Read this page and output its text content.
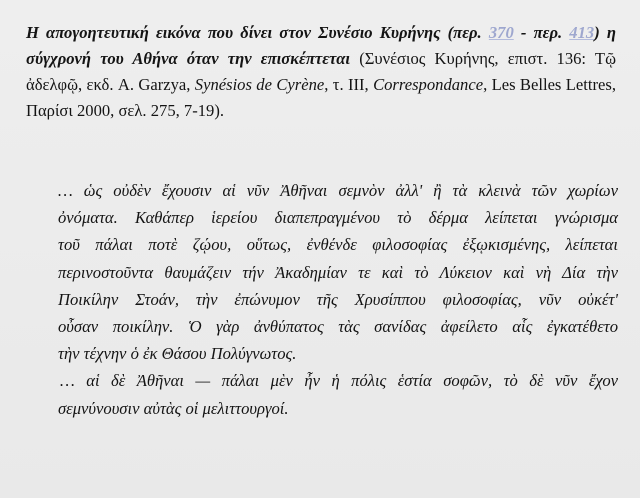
Η απογοητευτική εικόνα που δίνει στον Συνέσιο Κυρήνης (περ. 370 - περ. 413) η σύγχρονή του Αθήνα όταν την επισκέπτεται (Συνέσιος Κυρήνης, επιστ. 136: Τῷ ἀδελφῷ, εκδ. A. Garzya, Synésios de Cyrène, τ. III, Correspondance, Les Belles Lettres, Παρίσι 2000, σελ. 275, 7-19).
… ὡς οὐδὲν ἔχουσιν αἱ νῦν Ἀθῆναι σεμνὸν ἀλλ' ἢ τὰ κλεινὰ τῶν χωρίων
ὀνόματα. Καθάπερ ἱερείου διαπεπραγμένου τὸ δέρμα λείπεται γνώρισμα
τοῦ πάλαι ποτὲ ζῴου, οὕτως, ἐνθένδε φιλοσοφίας ἐξῳκισμένης, λείπεται
περινοστοῦντα θαυμάζειν τήν Ἀκαδημίαν τε καὶ τὸ Λύκειον καὶ νὴ Δία τὴν
Ποικίλην Στοάν, τὴν ἐπώνυμον τῆς Χρυσίππου φιλοσοφίας, νῦν οὐκέτ'
οὖσαν ποικίλην. Ὁ γὰρ ἀνθύπατος τὰς σανίδας ἀφείλετο αἷς ἐγκατέθετο
τὴν τέχνην ὁ ἐκ Θάσου Πολύγνωτος.
… αἱ δὲ Ἀθῆναι — πάλαι μὲν ἦν ἡ πόλις ἑστία σοφῶν, τὸ δὲ νῦν ἔχον
σεμνύνουσιν αὐτὰς οἱ μελιττουργοί.
